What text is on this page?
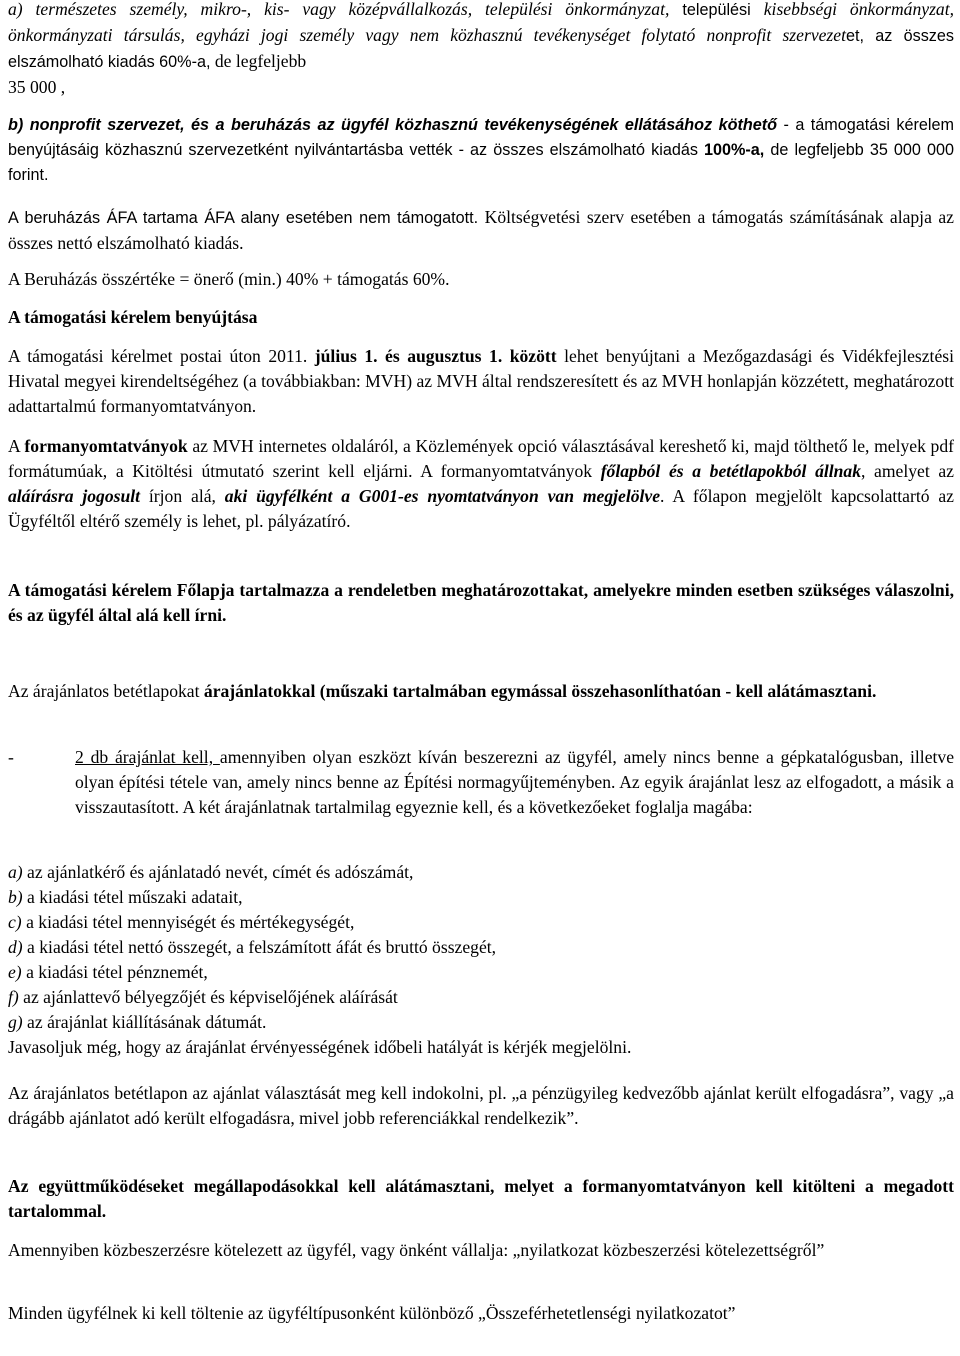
a) természetes személy, mikro-, kis- vagy középvállalkozás, települési önkormányzat, települési kisebbségi önkormányzat, önkormányzati társulás, egyházi jogi személy vagy nem közhasznú tevékenységet folytató nonprofit szervezetet, az összes elszámolható kiadás 60%-a, de legfeljebb
35 000 ,

b) nonprofit szervezet, és a beruházás az ügyfél közhasznú tevékenységének ellátásához köthető - a támogatási kérelem benyújtásáig közhasznú szervezetként nyilvántartásba vették - az összes elszámolható kiadás 100%-a, de legfeljebb 35 000 000 forint.

A beruházás ÁFA tartama ÁFA alany esetében nem támogatott. Költségvetési szerv esetében a támogatás számításának alapja az összes nettó elszámolható kiadás.

A Beruházás összértéke = önerő (min.) 40% + támogatás 60%.

A támogatási kérelem benyújtása

A támogatási kérelmet postai úton 2011. július 1. és augusztus 1. között lehet benyújtani a Mezőgazdasági és Vidékfejlesztési Hivatal megyei kirendeltségéhez (a továbbiakban: MVH) az MVH által rendszeresített és az MVH honlapján közzétett, meghatározott adattartalmú formanyomtatványon.

A formanyomtatványok az MVH internetes oldaláról, a Közlemények opció választásával kereshető ki, majd tölthető le, melyek pdf formátumúak, a Kitöltési útmutató szerint kell eljárni. A formanyomtatványok főlapból és a betétlapokból állnak, amelyet az aláírásra jogosult írjon alá, aki ügyfélként a G001-es nyomtatványon van megjelölve. A főlapon megjelölt kapcsolattartó az Ügyféltől eltérő személy is lehet, pl. pályázatíró.

A támogatási kérelem Főlapja tartalmazza a rendeletben meghatározottakat, amelyekre minden esetben szükséges válaszolni, és az ügyfél által alá kell írni.

Az árajánlatos betétlapokat árajánlatokkal (műszaki tartalmában egymással összehasonlíthatóan - kell alátámasztani.

-	2 db árajánlat kell, amennyiben olyan eszközt kíván beszerezni az ügyfél, amely nincs benne a gépkatalógusban, illetve olyan építési tétele van, amely nincs benne az Építési normagyűjteményben. Az egyik árajánlat lesz az elfogadott, a másik a visszautasított. A két árajánlatnak tartalmilag egyeznie kell, és a következőeket foglalja magába:

a) az ajánlatkérő és ajánlatadó nevét, címét és adószámát,
b) a kiadási tétel műszaki adatait,
c) a kiadási tétel mennyiségét és mértékegységét,
d) a kiadási tétel nettó összegét, a felszámított áfát és bruttó összegét,
e) a kiadási tétel pénznemét,
f) az ajánlattevő bélyegzőjét és képviselőjének aláírását
g) az árajánlat kiállításának dátumát.
Javasoljuk még, hogy az árajánlat érvényességének időbeli hatályát is kérjék megjelölni.

Az árajánlatos betétlapon az ajánlat választását meg kell indokolni, pl. „a pénzügyileg kedvezőbb ajánlat került elfogadásra”, vagy „a drágább ajánlatot adó került elfogadásra, mivel jobb referenciákkal rendelkezik”.

Az együttműködéseket megállapodásokkal kell alátámasztani, melyet a formanyomtatványon kell kitölteni a megadott tartalommal.

Amennyiben közbeszerzésre kötelezett az ügyfél, vagy önként vállalja: „nyilatkozat közbeszerzési kötelezettségről”

Minden ügyfélnek ki kell töltenie az ügyféltípusonként különböző „Összeférhetetlenségi nyilatkozatot”
